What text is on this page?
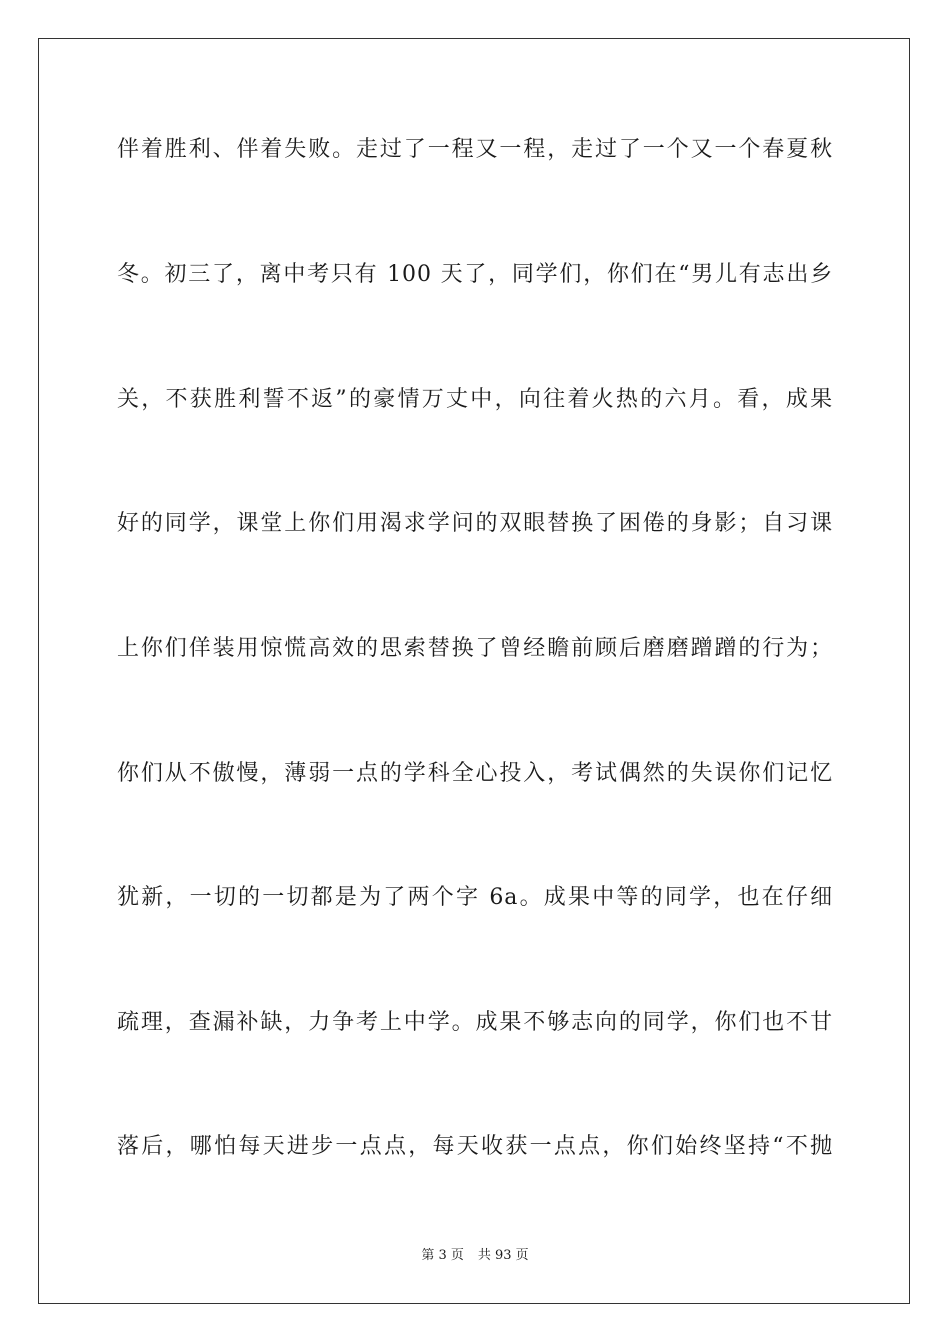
伴着胜利、伴着失败。走过了一程又一程，走过了一个又一个春夏秋
冬。初三了，离中考只有 100 天了，同学们，你们在“男儿有志出乡
关，不获胜利誓不返”的豪情万丈中，向往着火热的六月。看，成果
好的同学，课堂上你们用渴求学问的双眼替换了困倦的身影；自习课
上你们佯装用惊慌高效的思索替换了曾经瞻前顾后磨磨蹭蹭的行为；
你们从不傲慢，薄弱一点的学科全心投入，考试偶然的失误你们记忆
犹新，一切的一切都是为了两个字 6a。成果中等的同学，也在仔细
疏理，查漏补缺，力争考上中学。成果不够志向的同学，你们也不甘
落后，哪怕每天进步一点点，每天收获一点点，你们始终坚持“不抛
第 3 页 共 93 页
